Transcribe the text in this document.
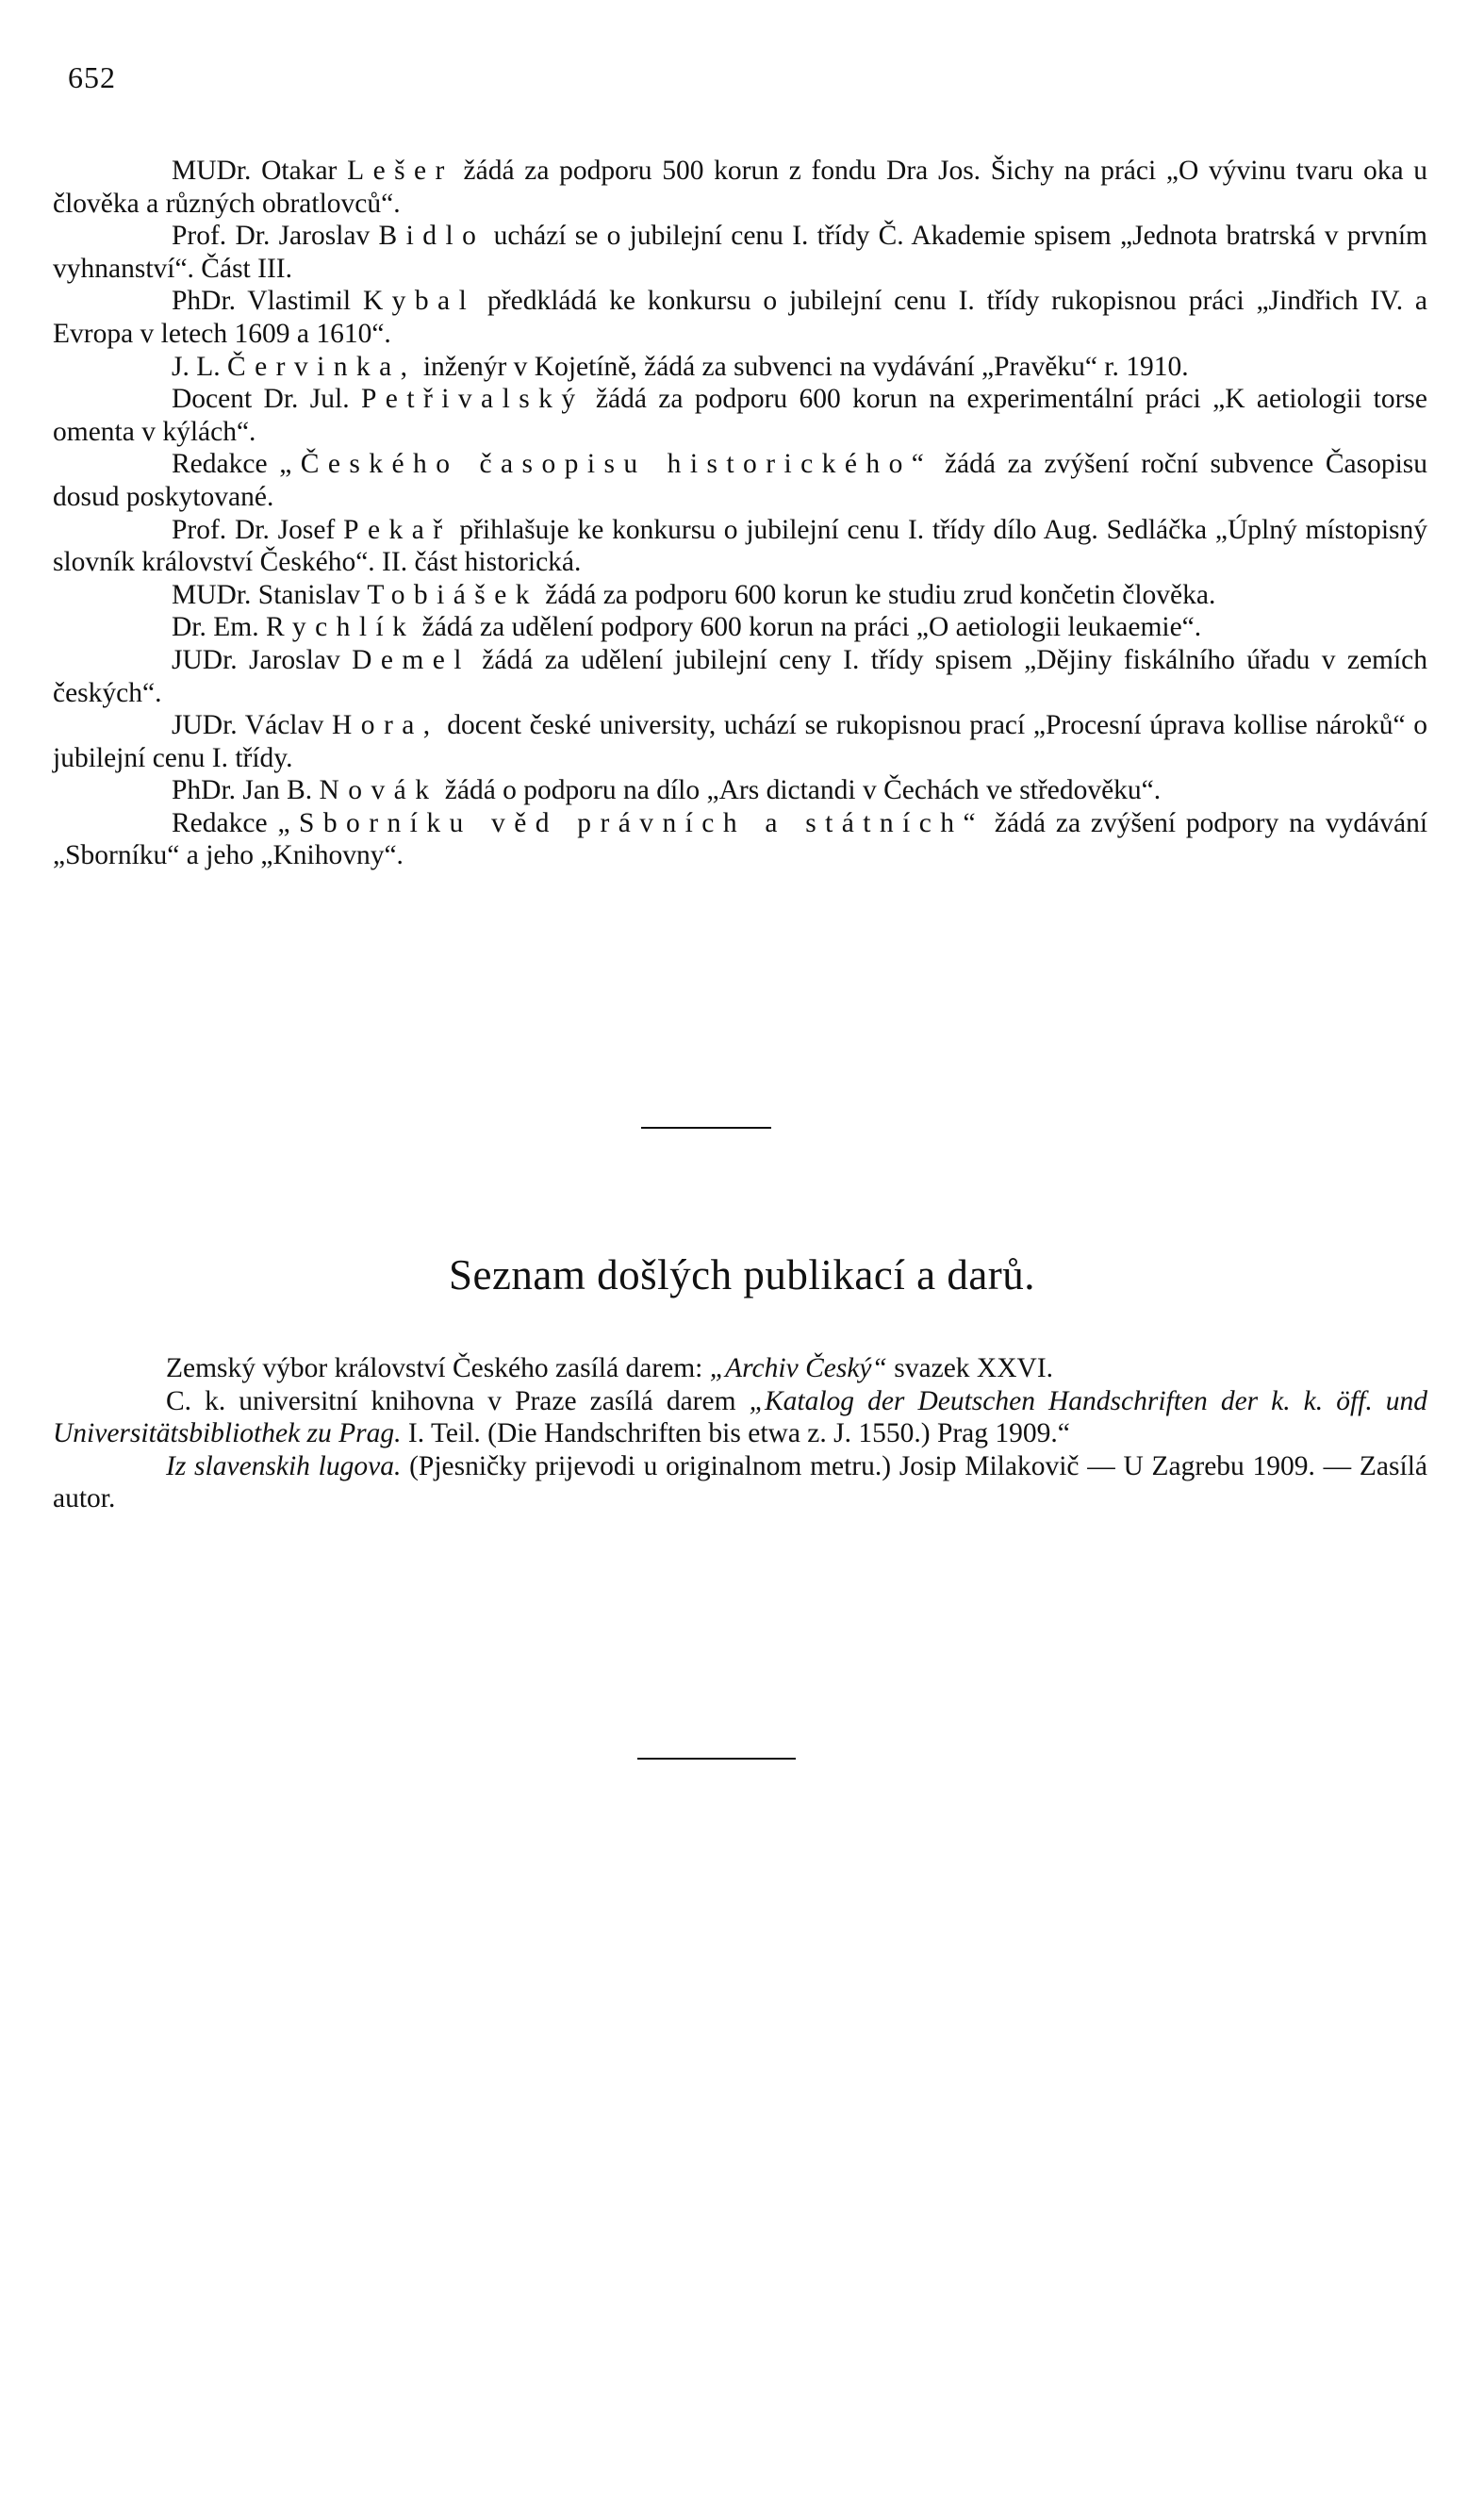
652

MUDr. Otakar Lešer žádá za podporu 500 korun z fondu Dra Jos. Šichy na práci „O vývinu tvaru oka u člověka a různých obratlovců“.

Prof. Dr. Jaroslav Bidlo uchází se o jubilejní cenu I. třídy Č. Akademie spisem „Jednota bratrská v prvním vyhnanství“. Část III.

PhDr. Vlastimil Kybal předkládá ke konkursu o jubilejní cenu I. třídy rukopisnou práci „Jindřich IV. a Evropa v letech 1609 a 1610“.

J. L. Červinka, inženýr v Kojetíně, žádá za subvenci na vydávání „Pravěku“ r. 1910.

Docent Dr. Jul. Petřivalský žádá za podporu 600 korun na experimentální práci „K aetiologii torse omenta v kýlách“.

Redakce „Českého časopisu historického“ žádá za zvýšení roční subvence Časopisu dosud poskytované.

Prof. Dr. Josef Pekař přihlašuje ke konkursu o jubilejní cenu I. třídy dílo Aug. Sedláčka „Úplný místopisný slovník království Českého“. II. část historická.

MUDr. Stanislav Tobiášek žádá za podporu 600 korun ke studiu zrud končetin člověka.

Dr. Em. Rychlík žádá za udělení podpory 600 korun na práci „O aetiologii leukaemie“.

JUDr. Jaroslav Demel žádá za udělení jubilejní ceny I. třídy spisem „Dějiny fiskálního úřadu v zemích českých“.

JUDr. Václav Hora, docent české university, uchází se rukopisnou prací „Procesní úprava kollise nároků“ o jubilejní cenu I. třídy.

PhDr. Jan B. Novák žádá o podporu na dílo „Ars dictandi v Čechách ve středověku“.

Redakce „Sborníku věd právních a státních“ žádá za zvýšení podpory na vydávání „Sborníku“ a jeho „Knihovny“.

Seznam došlých publikací a darů.

Zemský výbor království Českého zasílá darem: „Archiv Český“ svazek XXVI.

C. k. universitní knihovna v Praze zasílá darem „Katalog der Deutschen Handschriften der k. k. öff. und Universitätsbibliothek zu Prag. I. Teil. (Die Handschriften bis etwa z. J. 1550.) Prag 1909.“

Iz slavenskih lugova. (Pjesničky prijevodi u originalnom metru.) Josip Milakovič — U Zagrebu 1909. — Zasílá autor.
